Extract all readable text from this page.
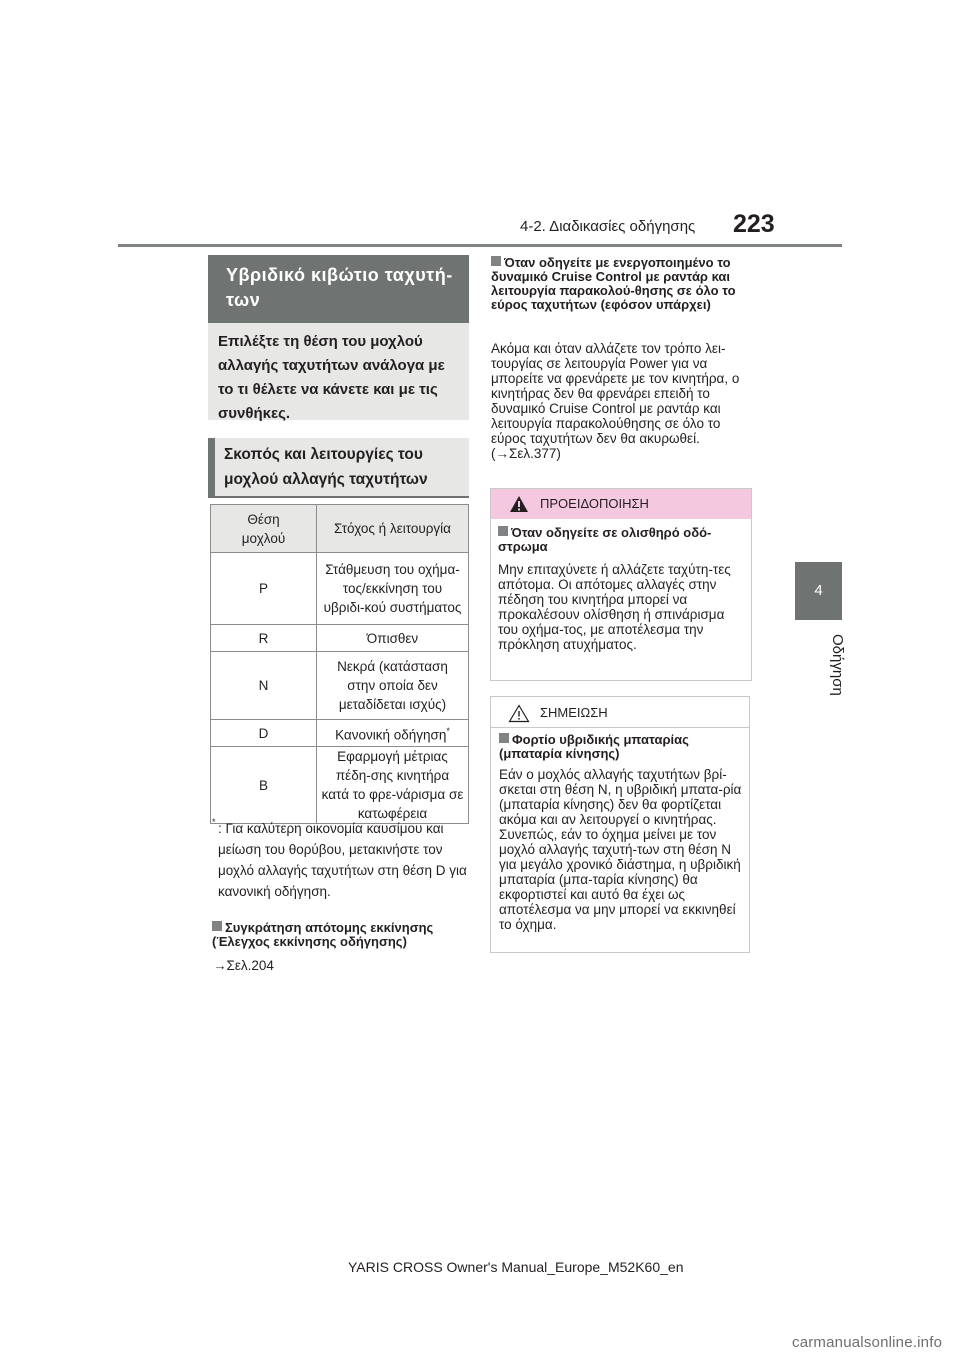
4-2. Διαδικασίες οδήγησης 223
4
Οδήγηση
Υβριδικό κιβώτιο ταχυτή-των
Επιλέξτε τη θέση του μοχλού αλλαγής ταχυτήτων ανάλογα με το τι θέλετε να κάνετε και με τις συνθήκες.
Σκοπός και λειτουργίες του μοχλού αλλαγής ταχυτήτων
Θέση μοχλού	Στόχος ή λειτουργία
P	Στάθμευση του οχήμα-τος/εκκίνηση του υβριδι-κού συστήματος
R	Όπισθεν
N	Νεκρά (κατάσταση στην οποία δεν μεταδίδεται ισχύς)
D	Κανονική οδήγηση*
B	Εφαρμογή μέτριας πέδη-σης κινητήρα κατά το φρε-νάρισμα σε κατωφέρεια
* : Για καλύτερη οικονομία καυσίμου και μείωση του θορύβου, μετακινήστε τον μοχλό αλλαγής ταχυτήτων στη θέση D για κανονική οδήγηση.
Συγκράτηση απότομης εκκίνησης (Έλεγχος εκκίνησης οδήγησης)
→Σελ.204
Όταν οδηγείτε με ενεργοποιημένο το δυναμικό Cruise Control με ραντάρ και λειτουργία παρακολού-θησης σε όλο το εύρος ταχυτήτων (εφόσον υπάρχει)
Ακόμα και όταν αλλάζετε τον τρόπο λει-τουργίας σε λειτουργία Power για να μπορείτε να φρενάρετε με τον κινητήρα, ο κινητήρας δεν θα φρενάρει επειδή το δυναμικό Cruise Control με ραντάρ και λειτουργία παρακολούθησης σε όλο το εύρος ταχυτήτων δεν θα ακυρωθεί. (→Σελ.377)
ΠΡΟΕΙΔΟΠΟΙΗΣΗ
Όταν οδηγείτε σε ολισθηρό οδό-στρωμα
Μην επιταχύνετε ή αλλάζετε ταχύτη-τες απότομα. Οι απότομες αλλαγές στην πέδηση του κινητήρα μπορεί να προκαλέσουν ολίσθηση ή σπινάρισμα του οχήμα-τος, με αποτέλεσμα την πρόκληση ατυχήματος.
ΣΗΜΕΙΩΣΗ
Φορτίο υβριδικής μπαταρίας (μπαταρία κίνησης)
Εάν ο μοχλός αλλαγής ταχυτήτων βρί-σκεται στη θέση N, η υβριδική μπατα-ρία (μπαταρία κίνησης) δεν θα φορτίζεται ακόμα και αν λειτουργεί ο κινητήρας. Συνεπώς, εάν το όχημα μείνει με τον μοχλό αλλαγής ταχυτή-των στη θέση N για μεγάλο χρονικό διάστημα, η υβριδική μπαταρία (μπα-ταρία κίνησης) θα εκφορτιστεί και αυτό θα έχει ως αποτέλεσμα να μην μπορεί να εκκινηθεί το όχημα.
YARIS CROSS Owner's Manual_Europe_M52K60_en
carmanualsonline.info
